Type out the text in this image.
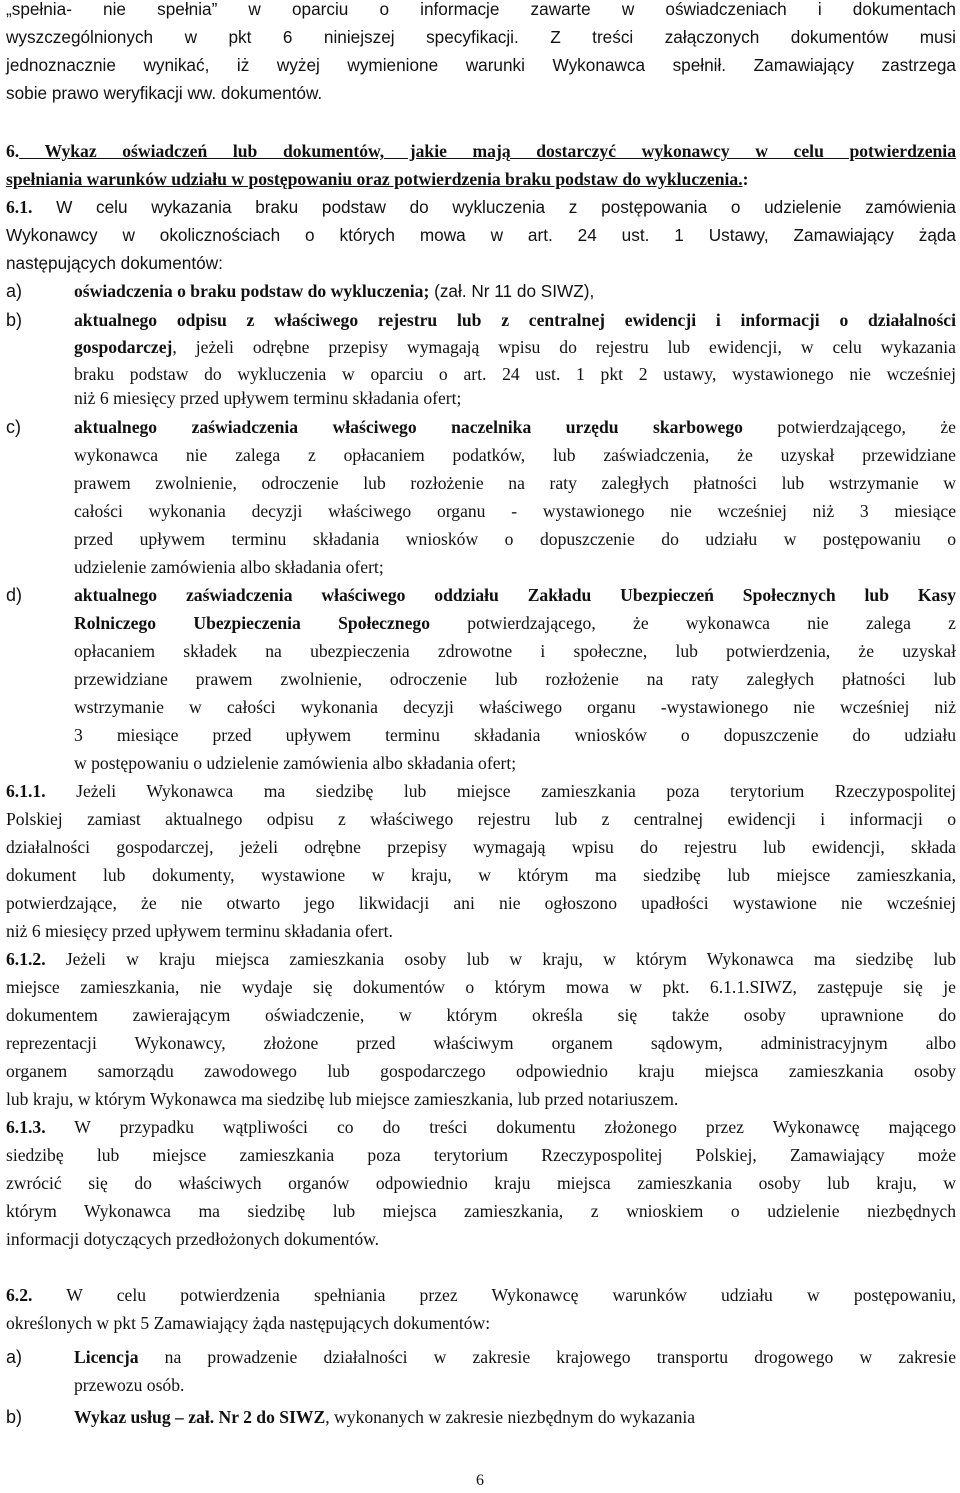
„spełnia- nie spełnia” w oparciu o informacje zawarte w oświadczeniach i dokumentach
wyszczególnionych w pkt 6 niniejszej specyfikacji. Z treści załączonych dokumentów musi
jednoznacznie wynikać, iż wyżej wymienione warunki Wykonawca spełnił. Zamawiający zastrzega
sobie prawo weryfikacji ww. dokumentów.
6. Wykaz oświadczeń lub dokumentów, jakie mają dostarczyć wykonawcy w celu potwierdzenia
spełniania warunków udziału w postępowaniu oraz potwierdzenia braku podstaw do wykluczenia.:
6.1. W celu wykazania braku podstaw do wykluczenia z postępowania o udzielenie zamówienia
Wykonawcy w okolicznościach o których mowa w art. 24 ust. 1 Ustawy, Zamawiający żąda
następujących dokumentów:
a)	oświadczenia o braku podstaw do wykluczenia; (zał. Nr 11 do SIWZ),
b)	aktualnego odpisu z właściwego rejestru lub z centralnej ewidencji i informacji o działalności
gospodarczej, jeżeli odrębne przepisy wymagają wpisu do rejestru lub ewidencji, w celu wykazania
braku podstaw do wykluczenia w oparciu o art. 24 ust. 1 pkt 2 ustawy, wystawionego nie wcześniej
niż 6 miesięcy przed upływem terminu składania ofert;
c)	aktualnego zaświadczenia właściwego naczelnika urzędu skarbowego potwierdzającego, że
wykonawca nie zalega z opłacaniem podatków, lub zaświadczenia, że uzyskał przewidziane
prawem zwolnienie, odroczenie lub rozłożenie na raty zaległych płatności lub wstrzymanie w
całości wykonania decyzji właściwego organu - wystawionego nie wcześniej niż 3 miesiące
przed upływem terminu składania wniosków o dopuszczenie do udziału w postępowaniu o
udzielenie zamówienia albo składania ofert;
d)	aktualnego zaświadczenia właściwego oddziału Zakładu Ubezpieczeń Społecznych lub Kasy
Rolniczego Ubezpieczenia Społecznego potwierdzającego, że wykonawca nie zalega z
opłacaniem składek na ubezpieczenia zdrowotne i społeczne, lub potwierdzenia, że uzyskał
przewidziane prawem zwolnienie, odroczenie lub rozłożenie na raty zaległych płatności lub
wstrzymanie w całości wykonania decyzji właściwego organu -wystawionego nie wcześniej niż
3 miesiące przed upływem terminu składania wniosków o dopuszczenie do udziału
w postępowaniu o udzielenie zamówienia albo składania ofert;
6.1.1. Jeżeli Wykonawca ma siedzibę lub miejsce zamieszkania poza terytorium Rzeczypospolitej
Polskiej zamiast aktualnego odpisu z właściwego rejestru lub z centralnej ewidencji i informacji o
działalności gospodarczej, jeżeli odrębne przepisy wymagają wpisu do rejestru lub ewidencji, składa
dokument lub dokumenty, wystawione w kraju, w którym ma siedzibę lub miejsce zamieszkania,
potwierdzające, że nie otwarto jego likwidacji ani nie ogłoszono upadłości wystawione nie wcześniej
niż 6 miesięcy przed upływem terminu składania ofert.
6.1.2. Jeżeli w kraju miejsca zamieszkania osoby lub w kraju, w którym Wykonawca ma siedzibę lub
miejsce zamieszkania, nie wydaje się dokumentów o którym mowa w pkt. 6.1.1.SIWZ, zastępuje się je
dokumentem zawierającym oświadczenie, w którym określa się także osoby uprawnione do
reprezentacji Wykonawcy, złożone przed właściwym organem sądowym, administracyjnym albo
organem samorządu zawodowego lub gospodarczego odpowiednio kraju miejsca zamieszkania osoby
lub kraju, w którym Wykonawca ma siedzibę lub miejsce zamieszkania, lub przed notariuszem.
6.1.3. W przypadku wątpliwości co do treści dokumentu złożonego przez Wykonawcę mającego
siedzibę lub miejsce zamieszkania poza terytorium Rzeczypospolitej Polskiej, Zamawiający może
zwrócić się do właściwych organów odpowiednio kraju miejsca zamieszkania osoby lub kraju, w
którym Wykonawca ma siedzibę lub miejsca zamieszkania, z wnioskiem o udzielenie niezbędnych
informacji dotyczących przedłożonych dokumentów.
6.2. W celu potwierdzenia spełniania przez Wykonawcę warunków udziału w postępowaniu,
określonych w pkt 5 Zamawiający żąda następujących dokumentów:
a)	Licencja na prowadzenie działalności w zakresie krajowego transportu drogowego w zakresie
przewozu osób.
b)	Wykaz usług – zał. Nr 2 do SIWZ, wykonanych w zakresie niezbędnym do wykazania
6
